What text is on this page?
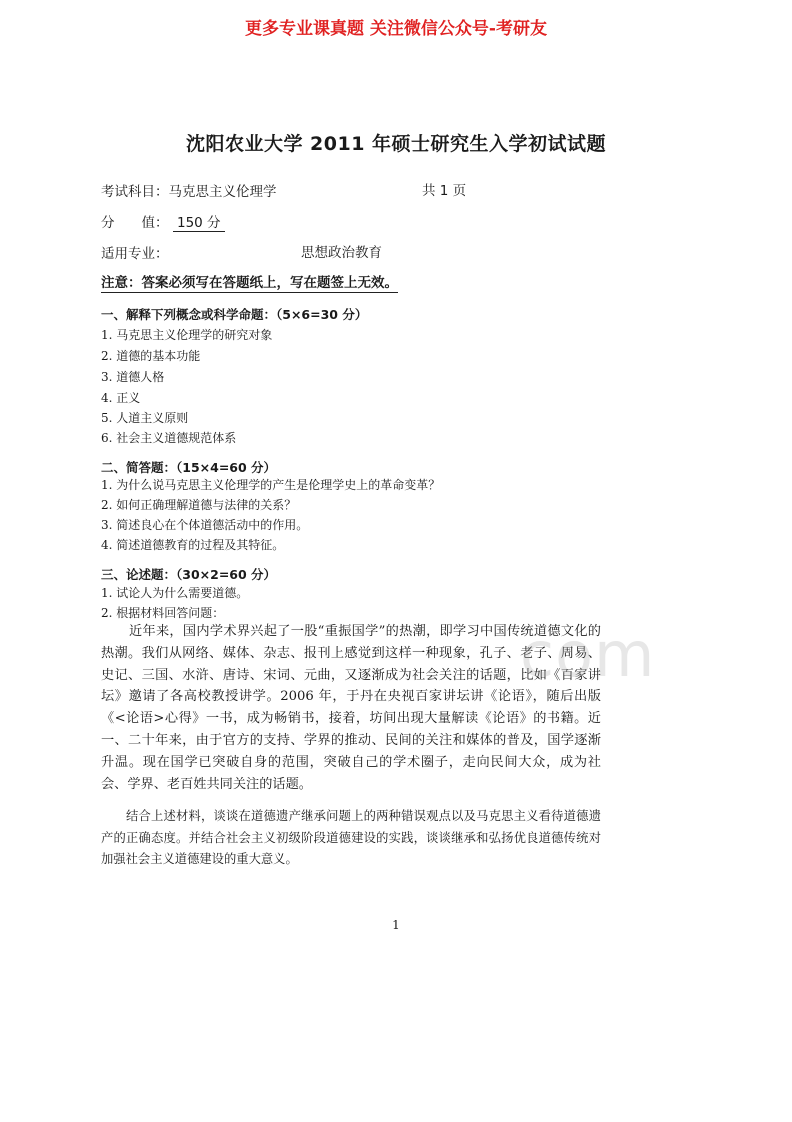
更多专业课真题 关注微信公众号-考研友
沈阳农业大学 2011 年硕士研究生入学初试试题
考试科目：马克思主义伦理学	共 1 页
分　　值： 150 分
适用专业：	思想政治教育
注意：答案必须写在答题纸上，写在题签上无效。
一、解释下列概念或科学命题：（5×6=30 分）
1. 马克思主义伦理学的研究对象
2. 道德的基本功能
3. 道德人格
4. 正义
5. 人道主义原则
6. 社会主义道德规范体系
二、简答题：（15×4=60 分）
1. 为什么说马克思主义伦理学的产生是伦理学史上的革命变革？
2. 如何正确理解道德与法律的关系？
3. 简述良心在个体道德活动中的作用。
4. 简述道德教育的过程及其特征。
三、论述题：（30×2=60 分）
1. 试论人为什么需要道德。
2. 根据材料回答问题：
近年来，国内学术界兴起了一股“重振国学”的热潮，即学习中国传统道德文化的热潮。我们从网络、媒体、杂志、报刊上感觉到这样一种现象，孔子、老子、周易、史记、三国、水浒、唐诗、宋词、元曲，又逐渐成为社会关注的话题，比如《百家讲坛》邀请了各高校教授讲学。2006 年，于丹在央视百家讲坛讲《论语》，随后出版《<论语>心得》一书，成为畅销书，接着，坊间出现大量解读《论语》的书籍。近一、二十年来，由于官方的支持、学界的推动、民间的关注和媒体的普及，国学逐渐升温。现在国学已突破自身的范围，突破自己的学术圈子，走向民间大众，成为社会、学界、老百姓共同关注的话题。
结合上述材料，谈谈在道德遗产继承问题上的两种错误观点以及马克思主义看待道德遗产的正确态度。并结合社会主义初级阶段道德建设的实践，谈谈继承和弘扬优良道德传统对加强社会主义道德建设的重大意义。
com
1
